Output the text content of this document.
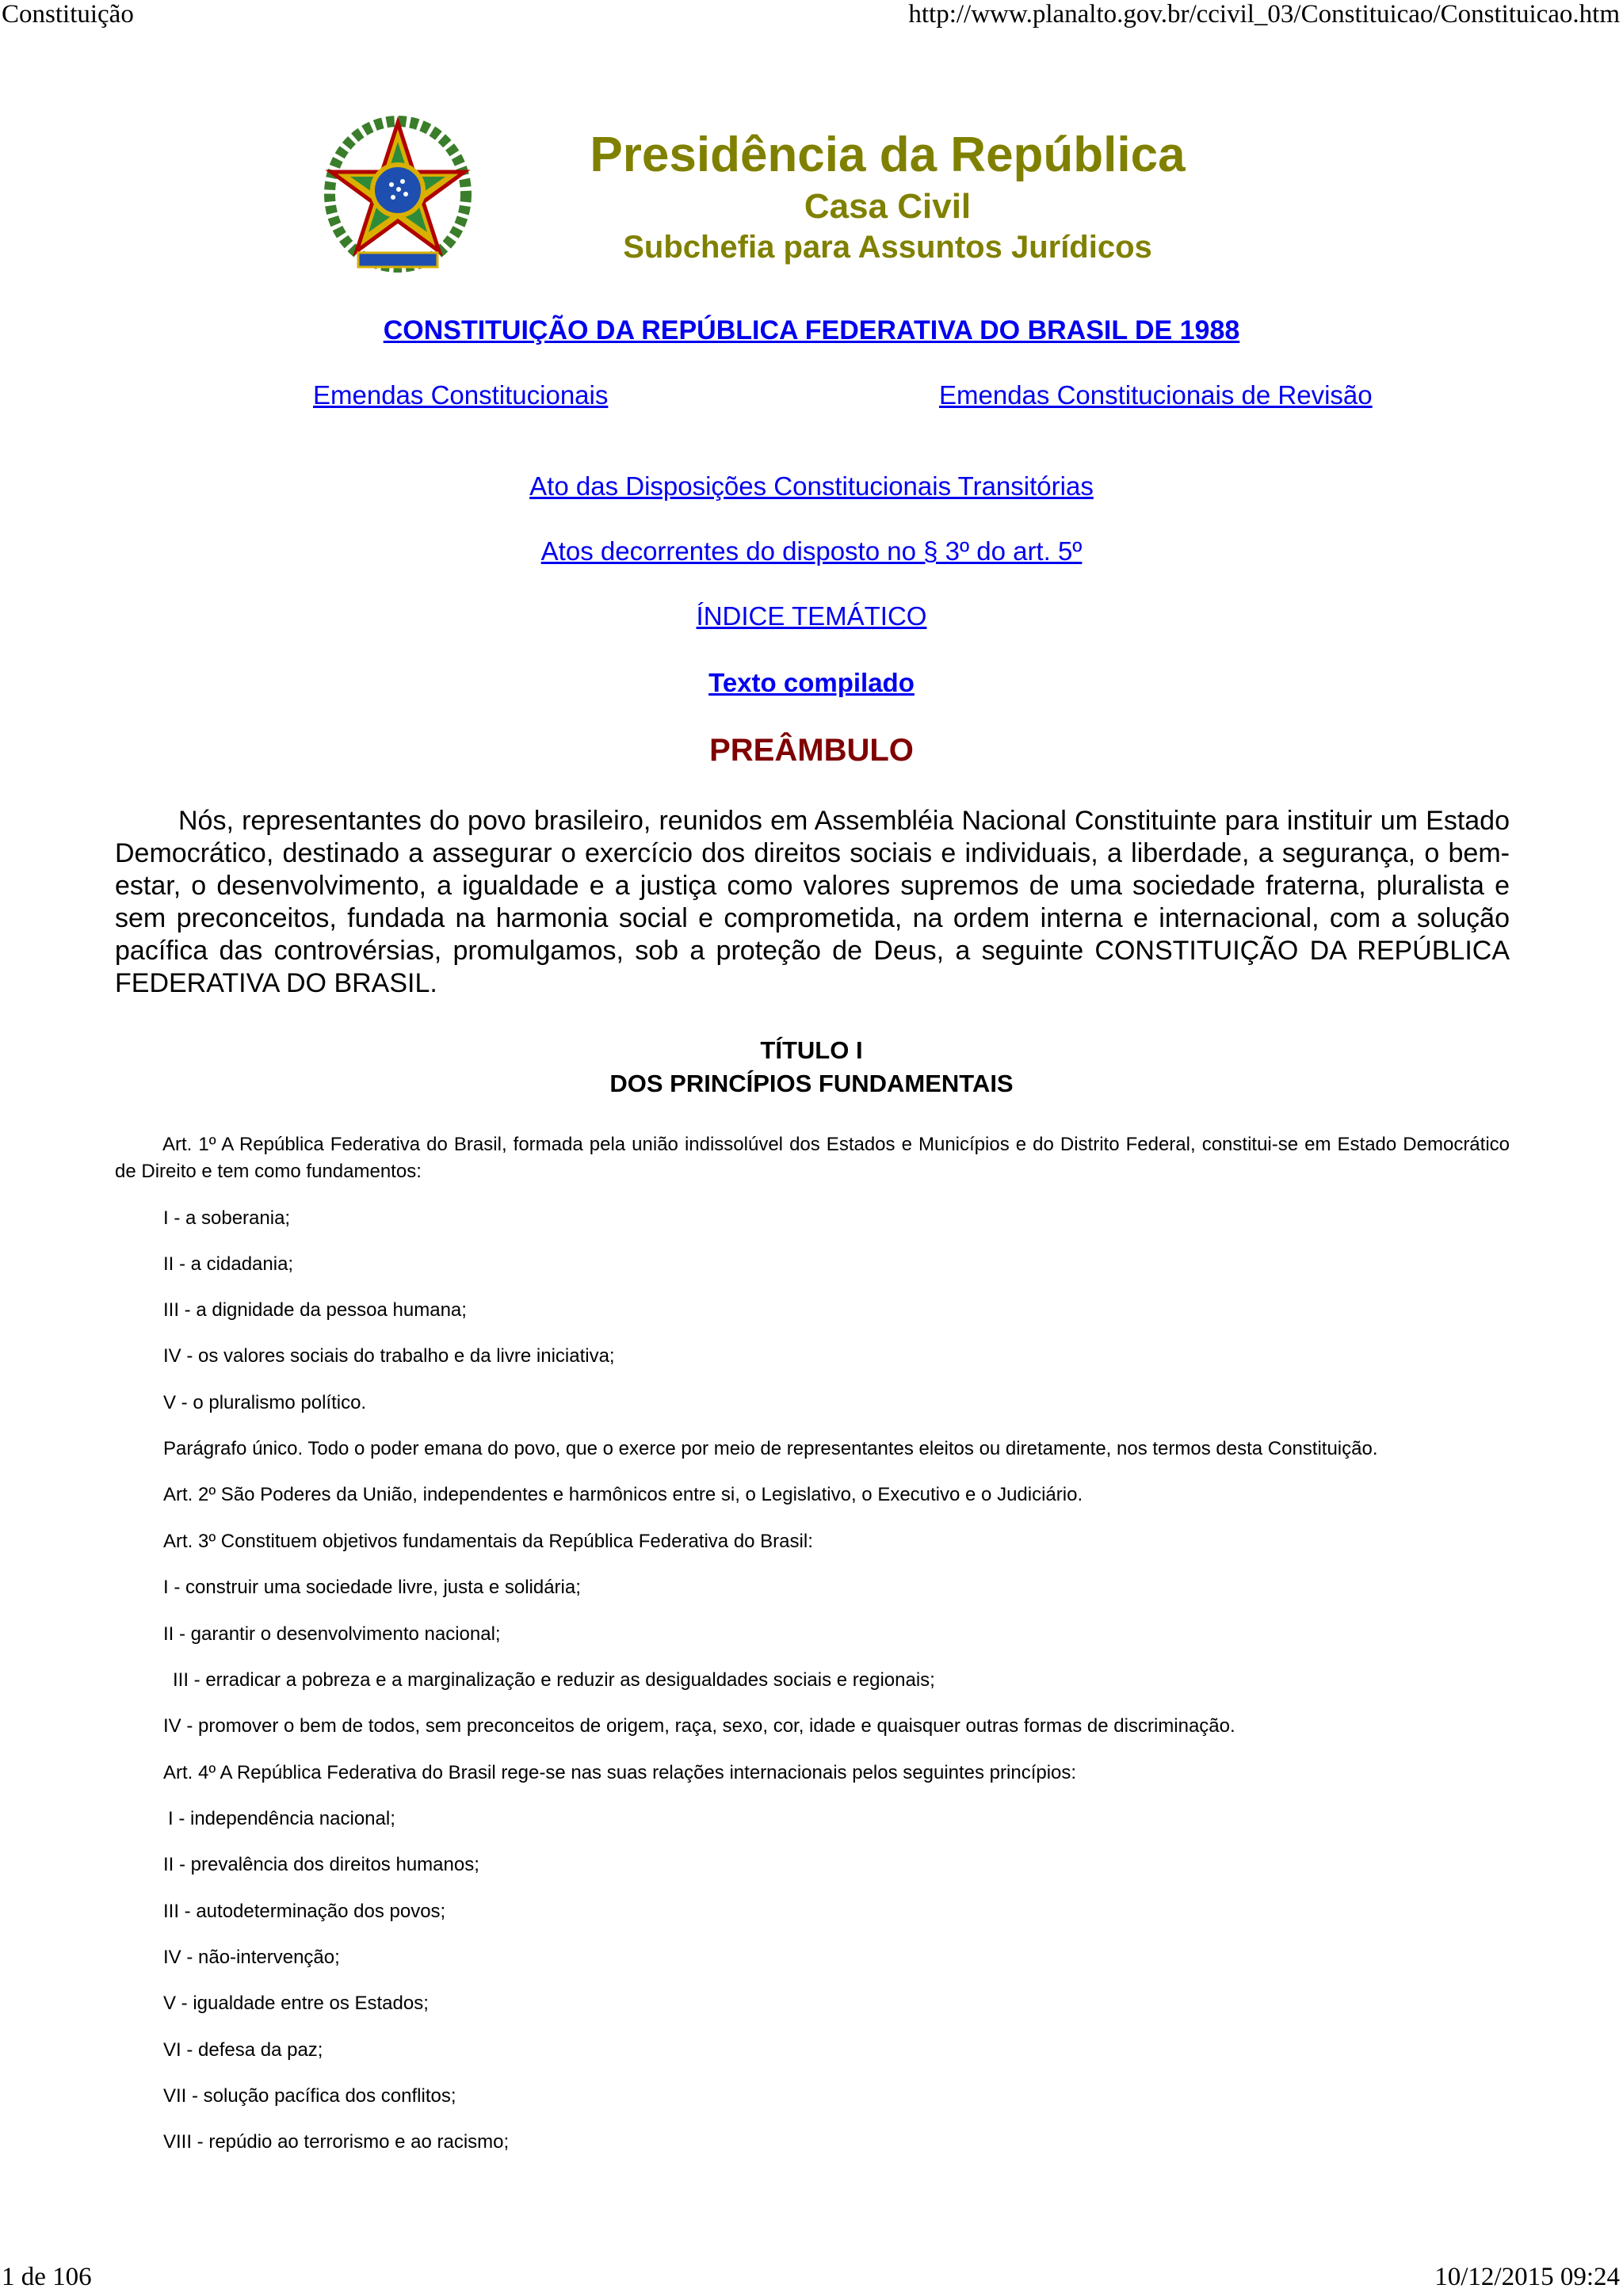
Constituição	http://www.planalto.gov.br/ccivil_03/Constituicao/Constituicao.htm
Presidência da República
Casa Civil
Subchefia para Assuntos Jurídicos
CONSTITUIÇÃO DA REPÚBLICA FEDERATIVA DO BRASIL DE 1988
Emendas Constitucionais	Emendas Constitucionais de Revisão
Ato das Disposições Constitucionais Transitórias
Atos decorrentes do disposto no § 3º do art. 5º
ÍNDICE TEMÁTICO
Texto compilado
PREÂMBULO

Nós, representantes do povo brasileiro, reunidos em Assembléia Nacional Constituinte para instituir um Estado Democrático, destinado a assegurar o exercício dos direitos sociais e individuais, a liberdade, a segurança, o bem-estar, o desenvolvimento, a igualdade e a justiça como valores supremos de uma sociedade fraterna, pluralista e sem preconceitos, fundada na harmonia social e comprometida, na ordem interna e internacional, com a solução pacífica das controvérsias, promulgamos, sob a proteção de Deus, a seguinte CONSTITUIÇÃO DA REPÚBLICA FEDERATIVA DO BRASIL.

TÍTULO I
DOS PRINCÍPIOS FUNDAMENTAIS

Art. 1º A República Federativa do Brasil, formada pela união indissolúvel dos Estados e Municípios e do Distrito Federal, constitui-se em Estado Democrático de Direito e tem como fundamentos:

I - a soberania;

II - a cidadania;

III - a dignidade da pessoa humana;

IV - os valores sociais do trabalho e da livre iniciativa;

V - o pluralismo político.

Parágrafo único. Todo o poder emana do povo, que o exerce por meio de representantes eleitos ou diretamente, nos termos desta Constituição.

Art. 2º São Poderes da União, independentes e harmônicos entre si, o Legislativo, o Executivo e o Judiciário.

Art. 3º Constituem objetivos fundamentais da República Federativa do Brasil:

I - construir uma sociedade livre, justa e solidária;

II - garantir o desenvolvimento nacional;

III - erradicar a pobreza e a marginalização e reduzir as desigualdades sociais e regionais;

IV - promover o bem de todos, sem preconceitos de origem, raça, sexo, cor, idade e quaisquer outras formas de discriminação.

Art. 4º A República Federativa do Brasil rege-se nas suas relações internacionais pelos seguintes princípios:

I - independência nacional;

II - prevalência dos direitos humanos;

III - autodeterminação dos povos;

IV - não-intervenção;

V - igualdade entre os Estados;

VI - defesa da paz;

VII - solução pacífica dos conflitos;

VIII - repúdio ao terrorismo e ao racismo;

1 de 106	10/12/2015 09:24
